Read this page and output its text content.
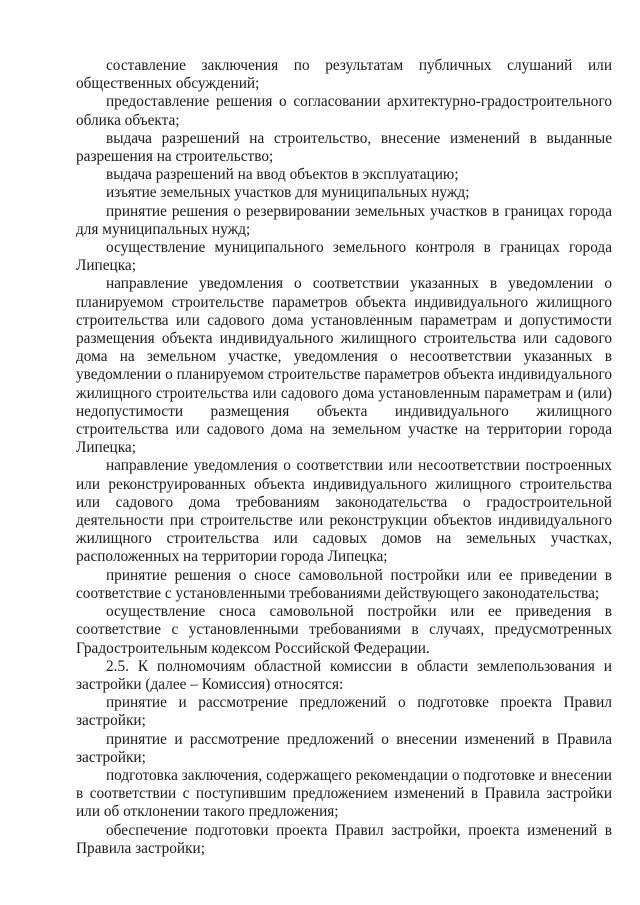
составление заключения по результатам публичных слушаний или общественных обсуждений;

предоставление решения о согласовании архитектурно-градостроительного облика объекта;

выдача разрешений на строительство, внесение изменений в выданные разрешения на строительство;

выдача разрешений на ввод объектов в эксплуатацию;

изъятие земельных участков для муниципальных нужд;

принятие решения о резервировании земельных участков в границах города для муниципальных нужд;

осуществление муниципального земельного контроля в границах города Липецка;

направление уведомления о соответствии указанных в уведомлении о планируемом строительстве параметров объекта индивидуального жилищного строительства или садового дома установленным параметрам и допустимости размещения объекта индивидуального жилищного строительства или садового дома на земельном участке, уведомления о несоответствии указанных в уведомлении о планируемом строительстве параметров объекта индивидуального жилищного строительства или садового дома установленным параметрам и (или) недопустимости размещения объекта индивидуального жилищного строительства или садового дома на земельном участке на территории города Липецка;

направление уведомления о соответствии или несоответствии построенных или реконструированных объекта индивидуального жилищного строительства или садового дома требованиям законодательства о градостроительной деятельности при строительстве или реконструкции объектов индивидуального жилищного строительства или садовых домов на земельных участках, расположенных на территории города Липецка;

принятие решения о сносе самовольной постройки или ее приведении в соответствие с установленными требованиями действующего законодательства;

осуществление сноса самовольной постройки или ее приведения в соответствие с установленными требованиями в случаях, предусмотренных Градостроительным кодексом Российской Федерации.

2.5. К полномочиям областной комиссии в области землепользования и застройки (далее – Комиссия) относятся:

принятие и рассмотрение предложений о подготовке проекта Правил застройки;

принятие и рассмотрение предложений о внесении изменений в Правила застройки;

подготовка заключения, содержащего рекомендации о подготовке и внесении в соответствии с поступившим предложением изменений в Правила застройки или об отклонении такого предложения;

обеспечение подготовки проекта Правил застройки, проекта изменений в Правила застройки;
